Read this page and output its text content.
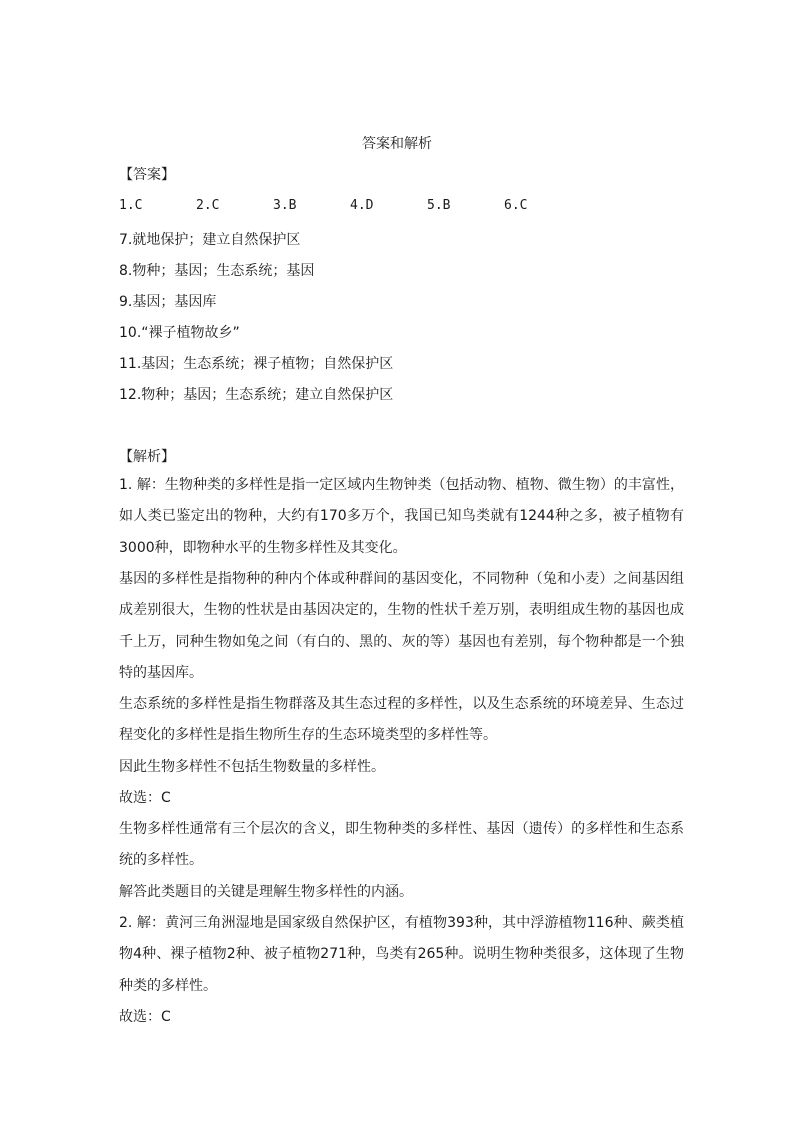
答案和解析
【答案】
1.C	2.C	3.B	4.D	5.B	6.C
7.就地保护；建立自然保护区
8.物种；基因；生态系统；基因
9.基因；基因库
10.“裸子植物故乡”
11.基因；生态系统；裸子植物；自然保护区
12.物种；基因；生态系统；建立自然保护区
【解析】
1. 解：生物种类的多样性是指一定区域内生物钟类（包括动物、植物、微生物）的丰富性，如人类已鉴定出的物种，大约有170多万个，我国已知鸟类就有1244种之多，被子植物有3000种，即物种水平的生物多样性及其变化。
基因的多样性是指物种的种内个体或种群间的基因变化，不同物种（兔和小麦）之间基因组成差别很大，生物的性状是由基因决定的，生物的性状千差万别，表明组成生物的基因也成千上万，同种生物如兔之间（有白的、黑的、灰的等）基因也有差别，每个物种都是一个独特的基因库。
生态系统的多样性是指生物群落及其生态过程的多样性，以及生态系统的环境差异、生态过程变化的多样性是指生物所生存的生态环境类型的多样性等。
因此生物多样性不包括生物数量的多样性。
故选：C
生物多样性通常有三个层次的含义，即生物种类的多样性、基因（遗传）的多样性和生态系统的多样性。
解答此类题目的关键是理解生物多样性的内涵。
2. 解：黄河三角洲湿地是国家级自然保护区，有植物393种，其中浮游植物116种、蕨类植物4种、裸子植物2种、被子植物271种，鸟类有265种。说明生物种类很多，这体现了生物种类的多样性。
故选：C
